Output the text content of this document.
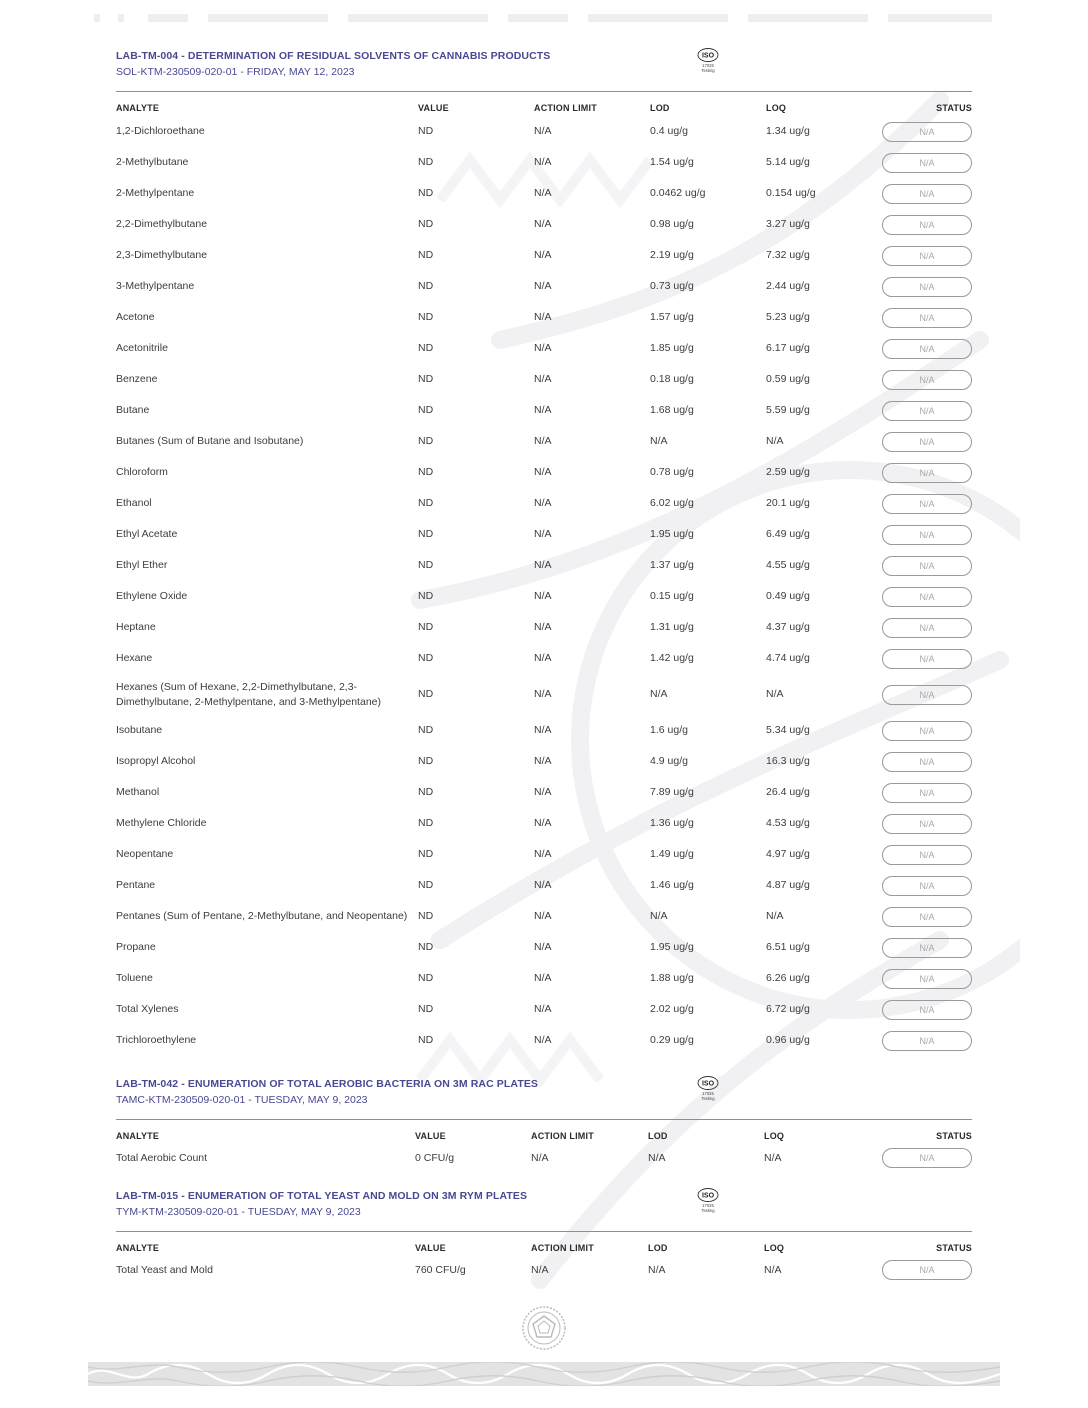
LAB-TM-004 - DETERMINATION OF RESIDUAL SOLVENTS OF CANNABIS PRODUCTS
SOL-KTM-230509-020-01 - FRIDAY, MAY 12, 2023
ISO
17025
Testing
ANALYTE	VALUE	ACTION LIMIT	LOD	LOQ	STATUS
1,2-Dichloroethane	ND	N/A	0.4 ug/g	1.34 ug/g	N/A
2-Methylbutane	ND	N/A	1.54 ug/g	5.14 ug/g	N/A
2-Methylpentane	ND	N/A	0.0462 ug/g	0.154 ug/g	N/A
2,2-Dimethylbutane	ND	N/A	0.98 ug/g	3.27 ug/g	N/A
2,3-Dimethylbutane	ND	N/A	2.19 ug/g	7.32 ug/g	N/A
3-Methylpentane	ND	N/A	0.73 ug/g	2.44 ug/g	N/A
Acetone	ND	N/A	1.57 ug/g	5.23 ug/g	N/A
Acetonitrile	ND	N/A	1.85 ug/g	6.17 ug/g	N/A
Benzene	ND	N/A	0.18 ug/g	0.59 ug/g	N/A
Butane	ND	N/A	1.68 ug/g	5.59 ug/g	N/A
Butanes (Sum of Butane and Isobutane)	ND	N/A	N/A	N/A	N/A
Chloroform	ND	N/A	0.78 ug/g	2.59 ug/g	N/A
Ethanol	ND	N/A	6.02 ug/g	20.1 ug/g	N/A
Ethyl Acetate	ND	N/A	1.95 ug/g	6.49 ug/g	N/A
Ethyl Ether	ND	N/A	1.37 ug/g	4.55 ug/g	N/A
Ethylene Oxide	ND	N/A	0.15 ug/g	0.49 ug/g	N/A
Heptane	ND	N/A	1.31 ug/g	4.37 ug/g	N/A
Hexane	ND	N/A	1.42 ug/g	4.74 ug/g	N/A
Hexanes (Sum of Hexane, 2,2-Dimethylbutane, 2,3-Dimethylbutane, 2-Methylpentane, and 3-Methylpentane)	ND	N/A	N/A	N/A	N/A
Isobutane	ND	N/A	1.6 ug/g	5.34 ug/g	N/A
Isopropyl Alcohol	ND	N/A	4.9 ug/g	16.3 ug/g	N/A
Methanol	ND	N/A	7.89 ug/g	26.4 ug/g	N/A
Methylene Chloride	ND	N/A	1.36 ug/g	4.53 ug/g	N/A
Neopentane	ND	N/A	1.49 ug/g	4.97 ug/g	N/A
Pentane	ND	N/A	1.46 ug/g	4.87 ug/g	N/A
Pentanes (Sum of Pentane, 2-Methylbutane, and Neopentane)	ND	N/A	N/A	N/A	N/A
Propane	ND	N/A	1.95 ug/g	6.51 ug/g	N/A
Toluene	ND	N/A	1.88 ug/g	6.26 ug/g	N/A
Total Xylenes	ND	N/A	2.02 ug/g	6.72 ug/g	N/A
Trichloroethylene	ND	N/A	0.29 ug/g	0.96 ug/g	N/A
LAB-TM-042 - ENUMERATION OF TOTAL AEROBIC BACTERIA ON 3M RAC PLATES
TAMC-KTM-230509-020-01 - TUESDAY, MAY 9, 2023
ISO
17025
Testing
ANALYTE	VALUE	ACTION LIMIT	LOD	LOQ	STATUS
Total Aerobic Count	0 CFU/g	N/A	N/A	N/A	N/A
LAB-TM-015 - ENUMERATION OF TOTAL YEAST AND MOLD ON 3M RYM PLATES
TYM-KTM-230509-020-01 - TUESDAY, MAY 9, 2023
ISO
17025
Testing
ANALYTE	VALUE	ACTION LIMIT	LOD	LOQ	STATUS
Total Yeast and Mold	760 CFU/g	N/A	N/A	N/A	N/A
